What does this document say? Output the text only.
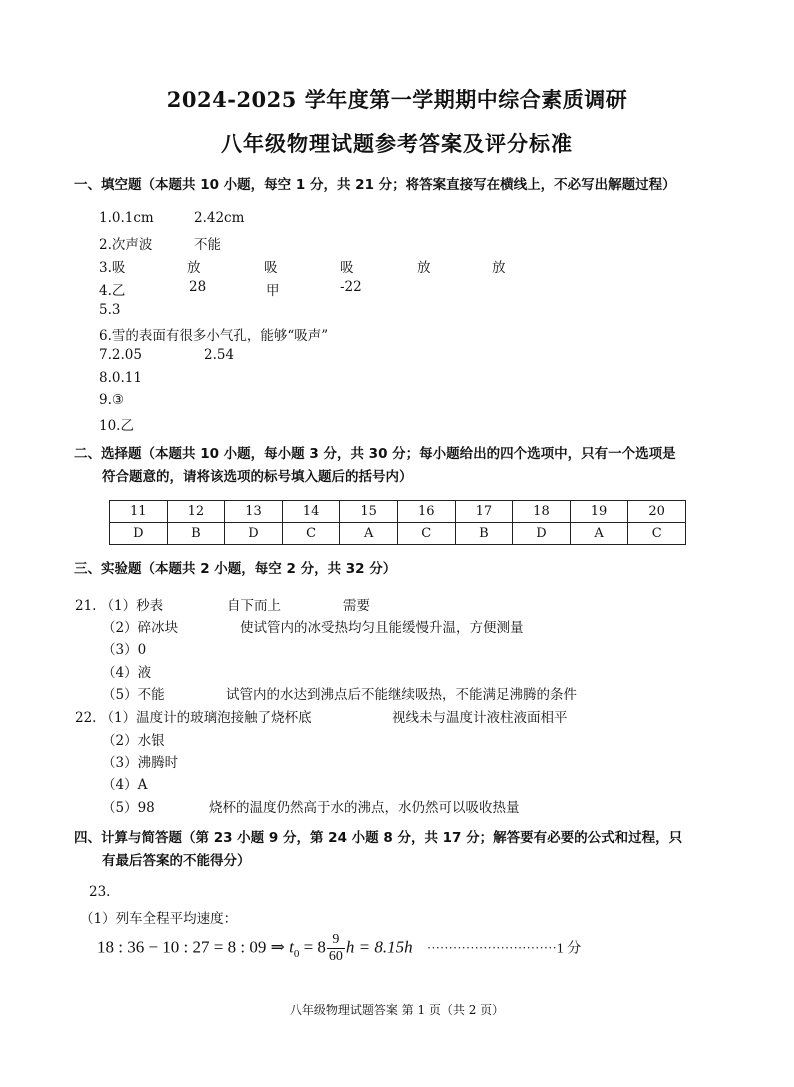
2024-2025 学年度第一学期期中综合素质调研
八年级物理试题参考答案及评分标准
一、填空题（本题共 10 小题，每空 1 分，共 21 分；将答案直接写在横线上，不必写出解题过程）
1.0.1cm	2.42cm
2.次声波	不能
3.吸	放	吸	吸	放	放
4.乙	28	甲	-22
5.3
6.雪的表面有很多小气孔，能够“吸声”
7.2.05	2.54
8.0.11
9.③
10.乙
二、选择题（本题共 10 小题，每小题 3 分，共 30 分；每小题给出的四个选项中，只有一个选项是
符合题意的，请将该选项的标号填入题后的括号内）
11	12	13	14	15	16	17	18	19	20
D	B	D	C	A	C	B	D	A	C
三、实验题（本题共 2 小题，每空 2 分，共 32 分）
21. （1）秒表	自下而上	需要
（2）碎冰块	使试管内的冰受热均匀且能缓慢升温，方便测量
（3）0
（4）液
（5）不能	试管内的水达到沸点后不能继续吸热，不能满足沸腾的条件
22. （1）温度计的玻璃泡接触了烧杯底	视线未与温度计液柱液面相平
（2）水银
（3）沸腾时
（4）A
（5）98	烧杯的温度仍然高于水的沸点，水仍然可以吸收热量
四、计算与简答题（第 23 小题 9 分，第 24 小题 8 分，共 17 分；解答要有必要的公式和过程，只
有最后答案的不能得分）
23.
（1）列车全程平均速度：
18 : 36 − 10 : 27 = 8 : 09 ⇒ $t_0 = 8 \frac{9}{60}$ h = 8.15h ······························1 分
八年级物理试题答案 第 1 页（共 2 页）
